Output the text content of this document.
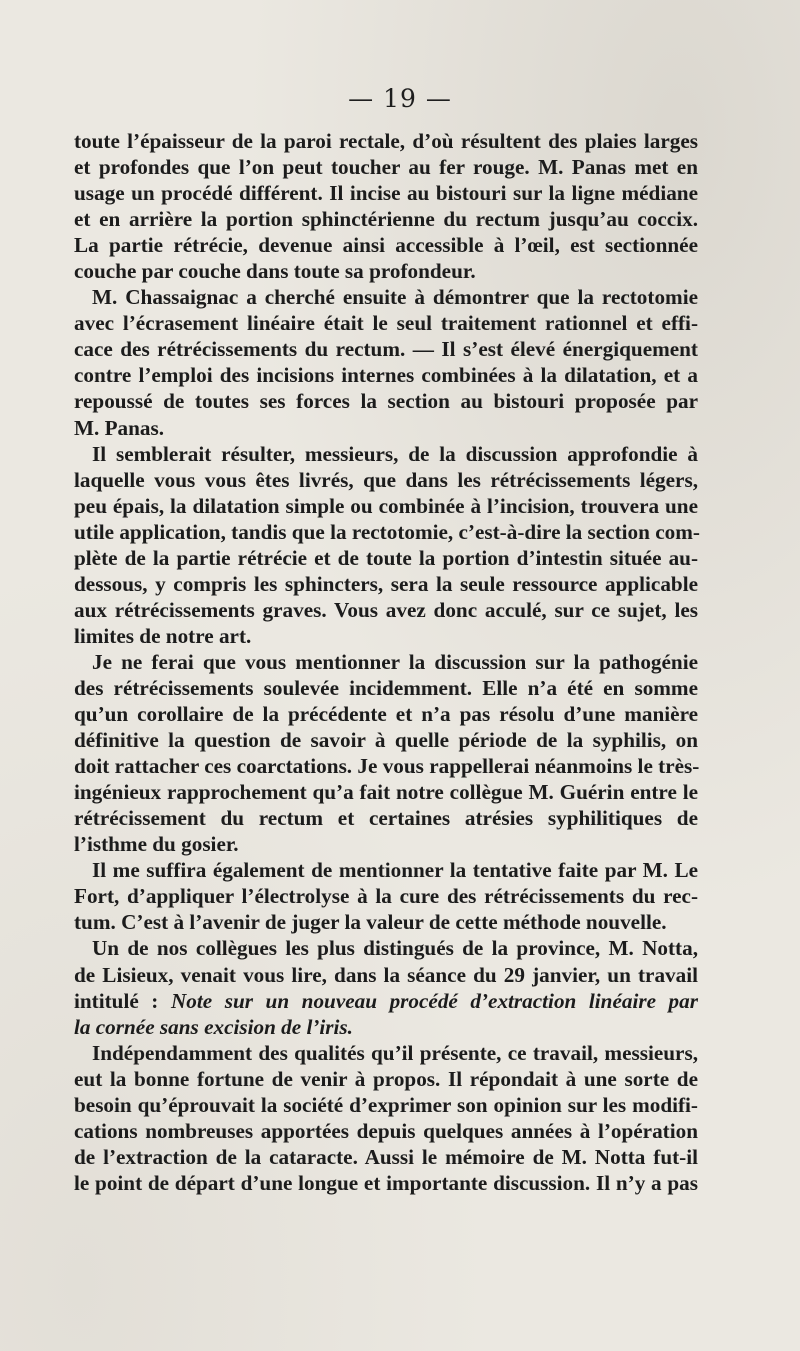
— 19 —
toute l’épaisseur de la paroi rectale, d’où résultent des plaies larges
et profondes que l’on peut toucher au fer rouge. M. Panas met en
usage un procédé différent. Il incise au bistouri sur la ligne médiane
et en arrière la portion sphinctérienne du rectum jusqu’au coccix.
La partie rétrécie, devenue ainsi accessible à l’œil, est sectionnée
couche par couche dans toute sa profondeur.
M. Chassaignac a cherché ensuite à démontrer que la rectotomie
avec l’écrasement linéaire était le seul traitement rationnel et effi-
cace des rétrécissements du rectum. — Il s’est élevé énergiquement
contre l’emploi des incisions internes combinées à la dilatation, et a
repoussé de toutes ses forces la section au bistouri proposée par
M. Panas.
Il semblerait résulter, messieurs, de la discussion approfondie à
laquelle vous vous êtes livrés, que dans les rétrécissements légers,
peu épais, la dilatation simple ou combinée à l’incision, trouvera une
utile application, tandis que la rectotomie, c’est-à-dire la section com-
plète de la partie rétrécie et de toute la portion d’intestin située au-
dessous, y compris les sphincters, sera la seule ressource applicable
aux rétrécissements graves. Vous avez donc acculé, sur ce sujet, les
limites de notre art.
Je ne ferai que vous mentionner la discussion sur la pathogénie
des rétrécissements soulevée incidemment. Elle n’a été en somme
qu’un corollaire de la précédente et n’a pas résolu d’une manière
définitive la question de savoir à quelle période de la syphilis, on
doit rattacher ces coarctations. Je vous rappellerai néanmoins le très-
ingénieux rapprochement qu’a fait notre collègue M. Guérin entre le
rétrécissement du rectum et certaines atrésies syphilitiques de
l’isthme du gosier.
Il me suffira également de mentionner la tentative faite par M. Le
Fort, d’appliquer l’électrolyse à la cure des rétrécissements du rec-
tum. C’est à l’avenir de juger la valeur de cette méthode nouvelle.
Un de nos collègues les plus distingués de la province, M. Notta,
de Lisieux, venait vous lire, dans la séance du 29 janvier, un travail
intitulé : Note sur un nouveau procédé d’extraction linéaire par
la cornée sans excision de l’iris.
Indépendamment des qualités qu’il présente, ce travail, messieurs,
eut la bonne fortune de venir à propos. Il répondait à une sorte de
besoin qu’éprouvait la société d’exprimer son opinion sur les modifi-
cations nombreuses apportées depuis quelques années à l’opération
de l’extraction de la cataracte. Aussi le mémoire de M. Notta fut-il
le point de départ d’une longue et importante discussion. Il n’y a pas
